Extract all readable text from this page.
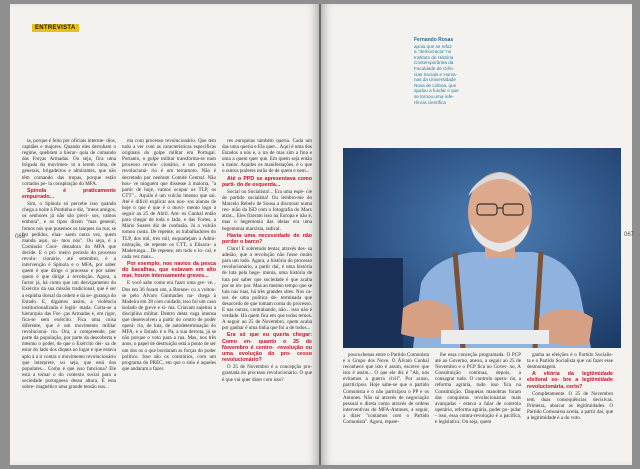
ENTREVISTA

ta, porque é feito por oficiais interme- dios, capitães e majores. Quando eles derrubam o regime, quebram a hierar- quia de comando das Forças Armadas. Ou seja, fica uma brigada do movimen- to a lerem cima, de generais, brigadeiros e almirantes, que não têm comando das tropas, porque estão cortados pe- la conspiração do MFA.

Spínola é praticamente empurrado...

Sim, o Spínola só percebe isso quando chega a noite à Pontinha e diz, "meus amigos, os senhores já não são preci- sos, vamos embora", e os tipos dizem "mas general, fomos nós que pusemos os tanques na rua; se fez pedidos, elaa- saem outra vez, quem manda aqui, so- mos nós". Ou seja, é a Comissão Coor- denadora do MFA que decide. E o pri- meiro período do processo revolu- cionário, até setembro, é a intervenção é Spínola e o MFA, por saber quem é que dirige o processo e por saber quem é que dirige a revolução. Agora, a factor já, há como que um desvigamento do Exército da sua missão tradicional, que é ser a espinha dorsal da ordem e da se- gurança do Estado. E, digamos assim, a violência institucionalizada é legiti- mada. Corta-se a hierarquia das For- ças Armadas e, em rigor, fica-se sem exército. Fica uma coisa diferente, que é um movimento militar revolucioná- rio. Ora, a compreende, por parte da população, por parte da descoberta e mesmo o poder, de que o Exército dei- xa de estar do lado dos diques ao lugar e que estava apto à a ir contra o movimento revolucionário que interprete, ou seja, que está dos populares... Como é que isso funciona? Ele está a tomar o do contexto social para a sociedade portuguesa dessa altura. É esta sobre- magnético uma grande tensão nos...

ma com processo revolucionário. Que tem tudo a ver com as características específicas originais do golpe militar em Portugal. Portanto, o golpe militar transforma-se num processo revolu- cionário, e um processo revolucioná- rio é um terramoto. Não é decretado por nenhum Comité Central. Não hou- ve ninguém que dissesse à maioria, "a partir de hoje, vamos ocupar os TLP, os CTT"... Aquilo é um vulcão imenso que sai. Até é difícil explicar aos nos- sos alunos de hoje o que é que é o movi- mento logo a seguir ao 25 de Abril. Am- es Cunhal então para chegar de toda o lado, e das Fortes, a Mário Soares diz de confusão. Já o vulcão tomou conta. De repente, os trabalhadores do TLP, dos mil, tres mil, esquartejam a Admi- nistração, de repente os CTT, a Elisava- a Maderuoga... De repente, em todo o lo- cal, e cada vez mais...

Por exemplo, nos navios da pesca do bacalhau, que estavam em alto mar, houve intensamente greves...

E você sabe como era fazer uma gre- ve... Dos em 36 foram um, a Brenne- co a voltou-se pelo Alvaro Guimarães na- chega à Madeira em 38 com cuidado, isso foi um caso isolado de greve e si- ma. Criavam sujeitos a disciplina militar. Dentro desta vaga imensa que desenvolveu a partir do centro de poder operá- rio, de luta, de autodeterminação do MFA, e o Estado é o Pa, a sua derrota, já se não porque o voto para a rua. Mas, nos três anos, o papel de destruição está a ponto de ser um dos os o que bordaram as forças do poder político. Isso são os contrários, com um programa do PREC, em que o sitio é aqueles que andaram a fazer.

res europeias também queria. Cada um das uma queria e Ela quer... Aqui é uma dos Estados a nós e, a ira de mas sim a fina e uma a quem quer que. Em quem seja então a maior. Aquiles os manifestações, é o que o outros poderes estão de de quem e nem...

Até o PPD se apresentava como parti- do de esquerda...

Social ou Socialista!... Era uma espé- cie de partido socialista! Ou lembro-me do Marcelo Rebelo de Sousa a discursar numa reu- nião da ISD com o fotografia do Marx atrás... Eles fizeram isso na Europa e não é, mas o hegemonia das ideias era uma hegemonia marxista, radical.

Havia uma necessidade de não perder o barco?

Claro! E sobretudo tentar, através des- sa adesão, que a revolução não fosse muito para um lado. Agora, a história do processo revolucionário, a partir daí, é uma história de luta pela hege- monia, uma história de luta por saber que sociedade é que acaba por se im- por. Mas ao mesmo tempo que se luta nas ruas, há três grandes sites. Nos ca- sos de uma política de- terminada que desacordo de que tomam conta do processo. E nas outras, contrabando, não... isso não é verdade. Há quem fica em que todos temos. A seguir ao 25 de Novembro, quem acaba por ganhar é uma linha que foi a de todos...

Era só que eu queria chegar: Como en- quanto o 25 de Novembro é centro- -revolução ou uma evolução do pro- cesso revolucionário?

O 25 de Novembro é a concepção pro- gramada do processo revolucionário. O que é que vai quer dizer com isso?

066	067
Fernando Rosas
apoia que se refaz
a "democracia" no
Instituto de História
Contemporânea da
Faculdade de Ciên-
cias Sociais e Huma-
nas da Universidade
Nova de Lisboa, que
ajudou a fundar e que
se tornou uma refe-
rência científica

poucochenas entre o Partido Comunista e o Grupo dos Nove. O Álvaro Cunhal reconhece que isto é assim, escreve que isto é assim... O que ele diz é "Ah, nós evitamos a guerra civil". Por acaso, parcticipou. Hoje sabe-se que o partido Comunista e o não participou o PP e os Antunes. Não só através de negociação pessoal e direta como através de ordens interventivas do MFA-Antunes, a seguir, a dizer "contamos com o Partido Comunista". Agora, repare-

lhe essa conceção programada. O PCP até ao Governo, anexo, a seguir ao 25 de Novembro e o PCP fica no Gover- no, A Constituição continua, depois, a consagrar tudo. O controlo opera- rio, a reforma agrária, tudo isso fica na Constituição. Daquelas manobras foram das conquistas revolucionárias mais avançadas - estava a falar de controlo operário, reforma agrária, poder po- pular - isso, essa contra-revolução é a pacífica, e legislativa. Ou seja, quem

ganha as eleições é o Partido Socialis- ta e o Partido Socialista que vai fazer esse desmontagem.

A vitória da legitimidade eleitoral so- bre a legitimidade revolucionária, certo?

Completamente. O 25 de Novembro tem duas consequências decisivas. Primeira, abarcar as legitimidades. O Partido Comunista aceita, a partir daí, que a legitimidade é a do voto.
